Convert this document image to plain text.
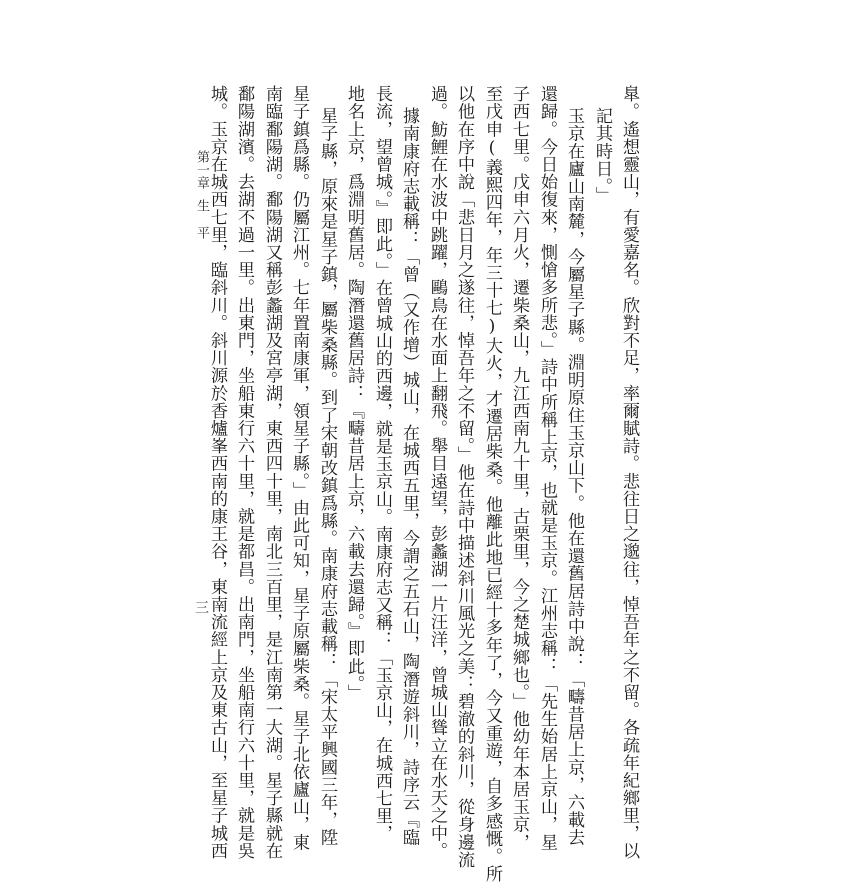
臯。遙想靈山，有愛嘉名。欣對不足，率爾賦詩。悲往日之邈往，悼吾年之不留。各疏年紀鄉里，以
記其時日。」
玉京在廬山南麓，今屬星子縣。淵明原住玉京山下。他在還舊居詩中說：「疇昔居上京，六載去
還歸。今日始復來，惻愴多所悲。」詩中所稱上京，也就是玉京。江州志稱：「先生始居上京山，星
子西七里。戊申六月火，遷柴桑山，九江西南九十里，古栗里，今之楚城鄉也。」他幼年本居玉京，
至戊申(義熙四年，年三十七)大火，才遷居柴桑。他離此地已經十多年了，今又重遊，自多感慨。所
以他在序中說「悲日月之遂往，悼吾年之不留。」他在詩中描述斜川風光之美：碧澈的斜川，從身邊流
過。魴鯉在水波中跳躍，鷗鳥在水面上翻飛。舉目遠望，彭蠡湖一片汪洋，曾城山聳立在水天之中。
據南康府志載稱：「曾（又作增）城山，在城西五里，今謂之五石山，陶潛遊斜川，詩序云『臨
長流，望曾城。』即此。」在曾城山的西邊，就是玉京山。南康府志又稱：「玉京山，在城西七里，
地名上京，爲淵明舊居。陶潛還舊居詩：『疇昔居上京，六載去還歸。』即此。」
星子縣，原來是星子鎮，屬柴桑縣。到了宋朝改鎮爲縣。南康府志載稱：「宋太平興國三年，陞
星子鎮爲縣。仍屬江州。七年置南康軍，領星子縣。」由此可知，星子原屬柴桑。星子北依廬山，東
南臨鄱陽湖。鄱陽湖又稱彭蠡湖及宮亭湖，東西四十里，南北三百里，是江南第一大湖。星子縣就在
鄱陽湖濱。去湖不過一里。出東門，坐船東行六十里，就是都昌。出南門，坐船南行六十里，就是吳
城。玉京在城西七里，臨斜川。斜川源於香爐峯西南的康王谷，東南流經上京及東古山，至星子城西
第一章生平
三
